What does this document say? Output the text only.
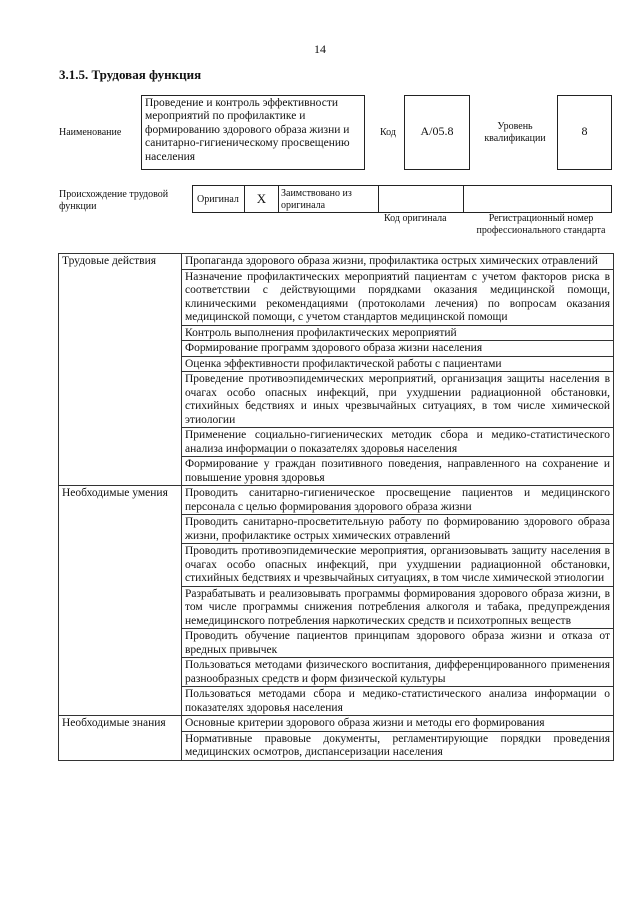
14
3.1.5. Трудовая функция
Наименование
Проведение и контроль эффективности мероприятий по профилактике и формированию здорового образа жизни и санитарно-гигиеническому просвещению населения
Код	A/05.8	Уровень квалификации
8
Происхождение трудовой функции
Оригинал	X	Заимствовано из оригинала
Код оригинала	Регистрационный номер профессионального стандарта
Трудовые действия	Пропаганда здорового образа жизни, профилактика острых химических отравлений
	Назначение профилактических мероприятий пациентам с учетом факторов риска в соответствии с действующими порядками оказания медицинской помощи, клиническими рекомендациями (протоколами лечения) по вопросам оказания медицинской помощи, с учетом стандартов медицинской помощи
	Контроль выполнения профилактических мероприятий
	Формирование программ здорового образа жизни населения
	Оценка эффективности профилактической работы с пациентами
	Проведение противоэпидемических мероприятий, организация защиты населения в очагах особо опасных инфекций, при ухудшении радиационной обстановки, стихийных бедствиях и иных чрезвычайных ситуациях, в том числе химической этиологии
	Применение социально-гигиенических методик сбора и медико-статистического анализа информации о показателях здоровья населения
	Формирование у граждан позитивного поведения, направленного на сохранение и повышение уровня здоровья
Необходимые умения	Проводить санитарно-гигиеническое просвещение пациентов и медицинского персонала с целью формирования здорового образа жизни
	Проводить санитарно-просветительную работу по формированию здорового образа жизни, профилактике острых химических отравлений
	Проводить противоэпидемические мероприятия, организовывать защиту населения в очагах особо опасных инфекций, при ухудшении радиационной обстановки, стихийных бедствиях и чрезвычайных ситуациях, в том числе химической этиологии
	Разрабатывать и реализовывать программы формирования здорового образа жизни, в том числе программы снижения потребления алкоголя и табака, предупреждения немедицинского потребления наркотических средств и психотропных веществ
	Проводить обучение пациентов принципам здорового образа жизни и отказа от вредных привычек
	Пользоваться методами физического воспитания, дифференцированного применения разнообразных средств и форм физической культуры
	Пользоваться методами сбора и медико-статистического анализа информации о показателях здоровья населения
Необходимые знания	Основные критерии здорового образа жизни и методы его формирования
	Нормативные правовые документы, регламентирующие порядки проведения медицинских осмотров, диспансеризации населения
